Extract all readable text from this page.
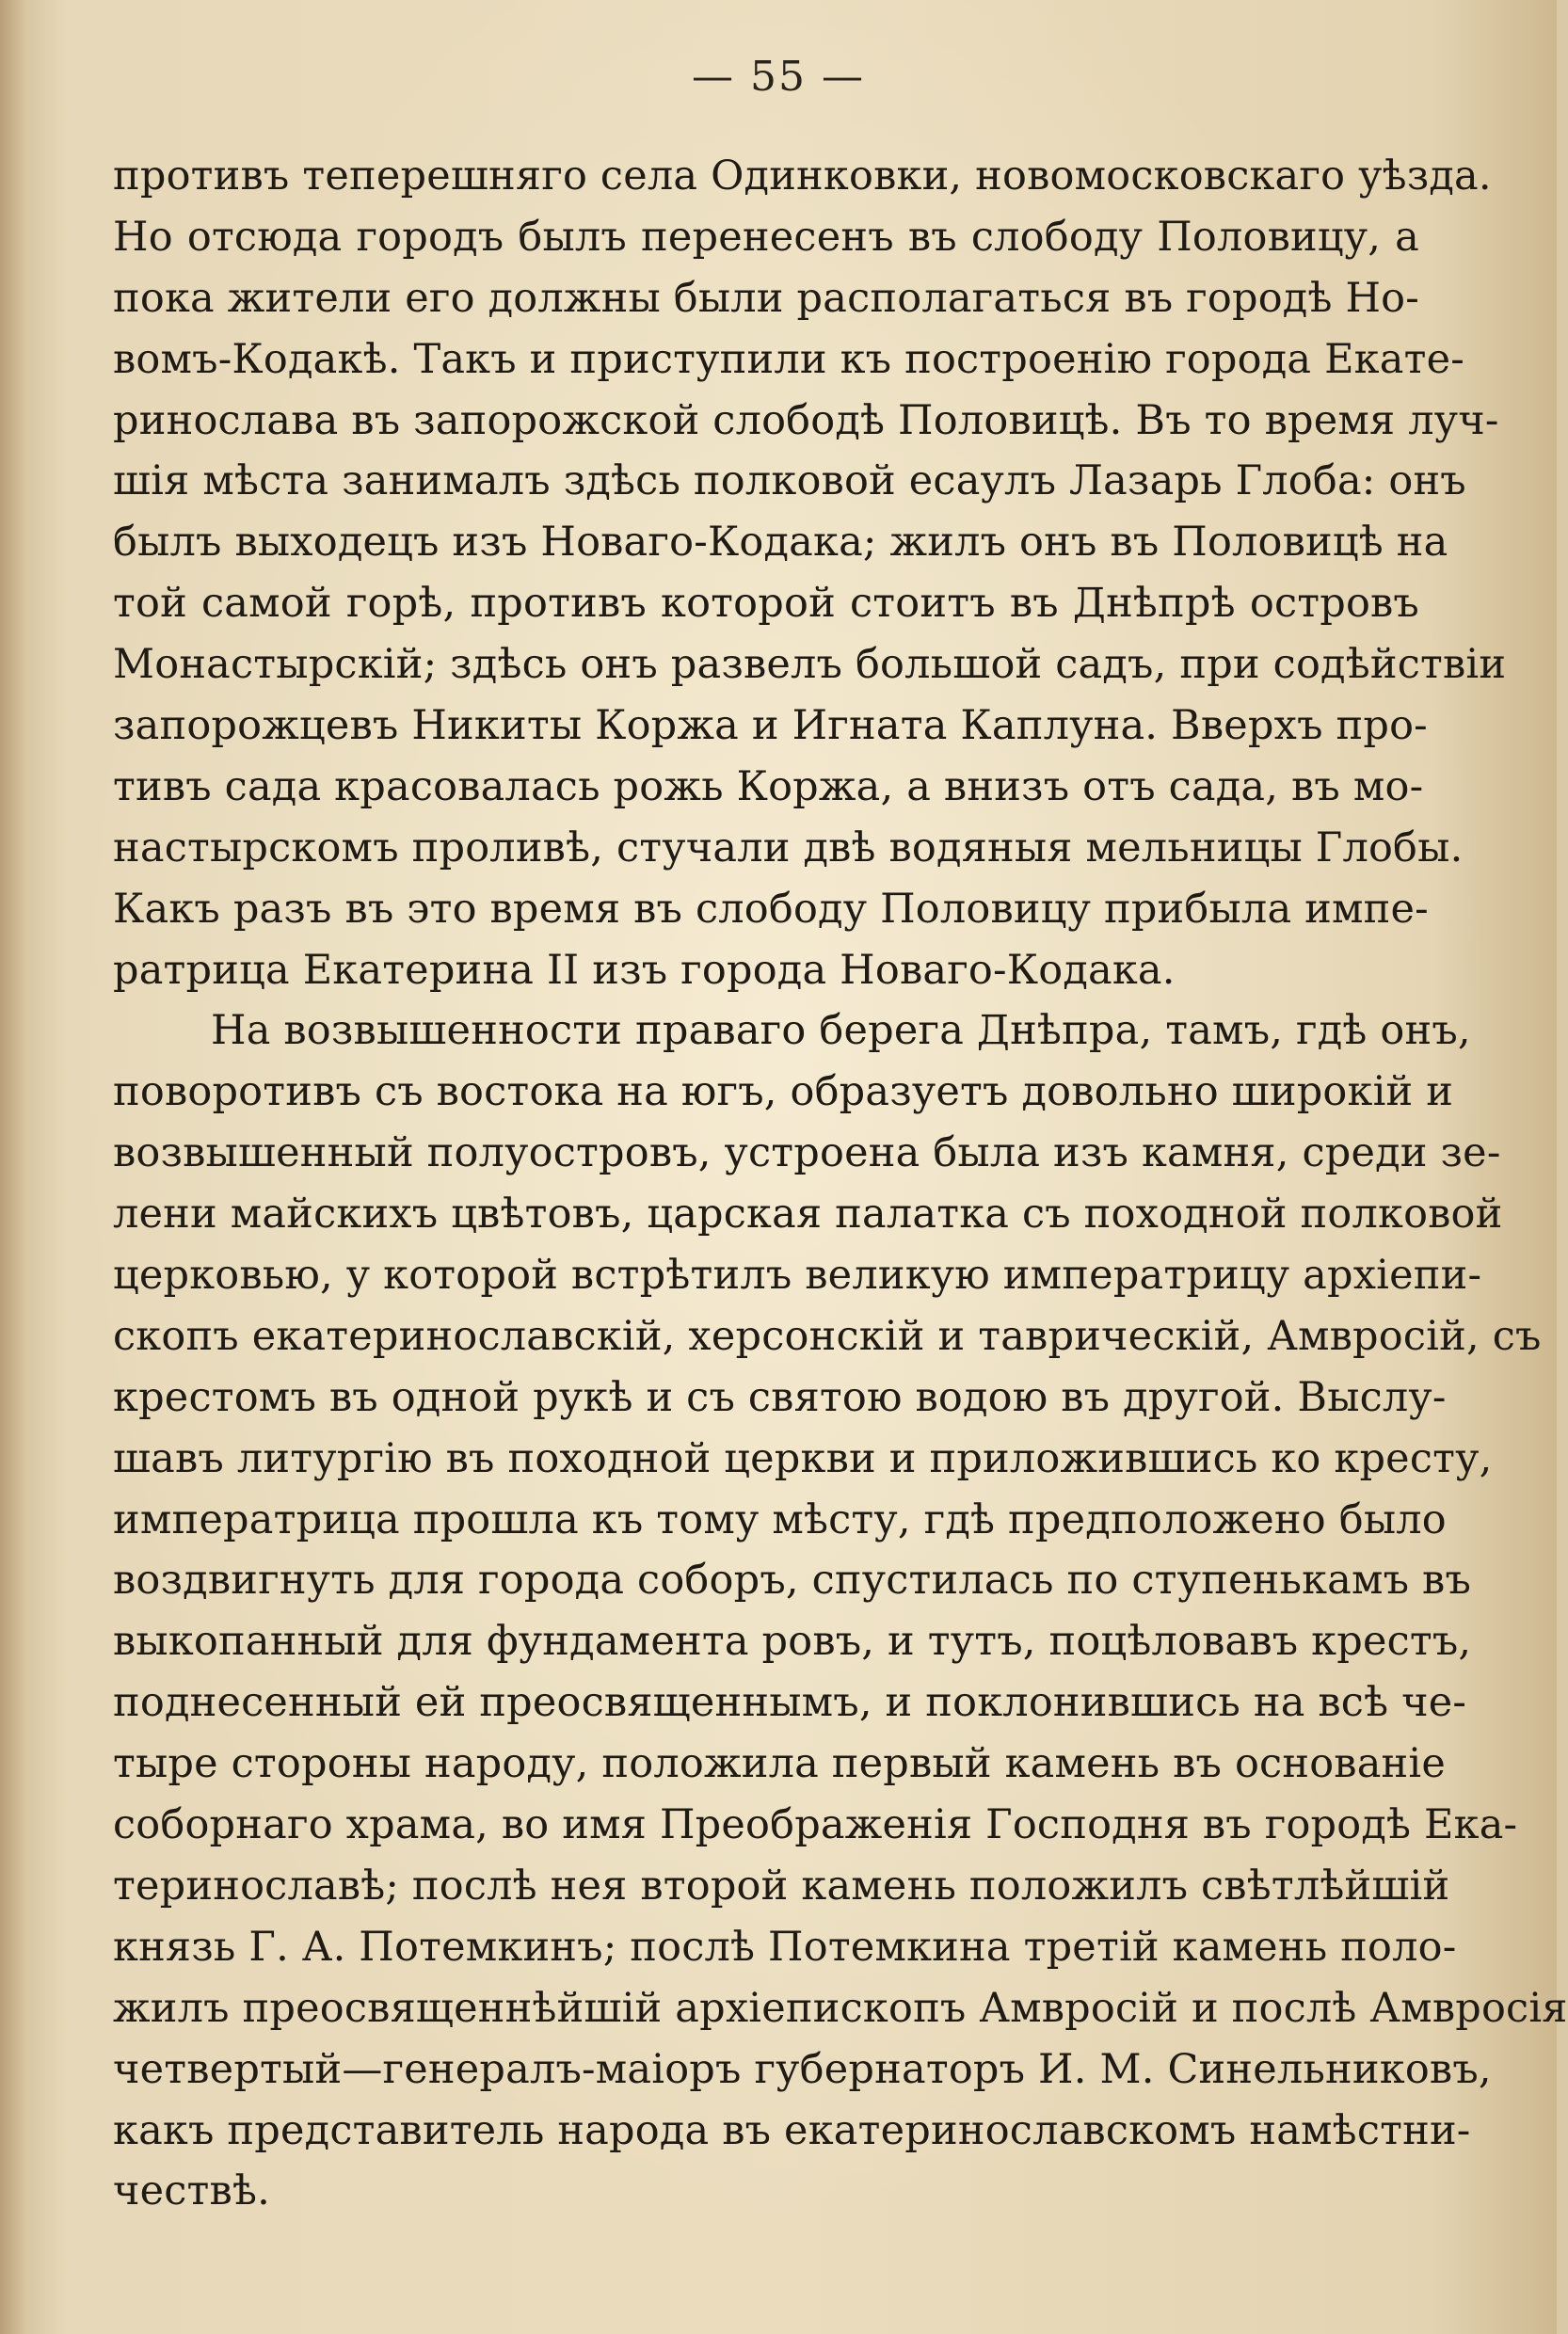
— 55 —
противъ теперешняго села Одинковки, новомосковскаго уѣзда.
Но отсюда городъ былъ перенесенъ въ слободу Половицу, а
пока жители его должны были располагаться въ городѣ Но-
вомъ-Кодакѣ. Такъ и приступили къ построенію города Екате-
ринослава въ запорожской слободѣ Половицѣ. Въ то время луч-
шія мѣста занималъ здѣсь полковой есаулъ Лазарь Глоба: онъ
былъ выходецъ изъ Новаго-Кодака; жилъ онъ въ Половицѣ на
той самой горѣ, противъ которой стоитъ въ Днѣпрѣ островъ
Монастырскій; здѣсь онъ развелъ большой садъ, при содѣйствіи
запорожцевъ Никиты Коржа и Игната Каплуна. Вверхъ про-
тивъ сада красовалась рожь Коржа, а внизъ отъ сада, въ мо-
настырскомъ проливѣ, стучали двѣ водяныя мельницы Глобы.
Какъ разъ въ это время въ слободу Половицу прибыла импе-
ратрица Екатерина II изъ города Новаго-Кодака.
На возвышенности праваго берега Днѣпра, тамъ, гдѣ онъ,
поворотивъ съ востока на югъ, образуетъ довольно широкій и
возвышенный полуостровъ, устроена была изъ камня, среди зе-
лени майскихъ цвѣтовъ, царская палатка съ походной полковой
церковью, у которой встрѣтилъ великую императрицу архіепи-
скопъ екатеринославскій, херсонскій и таврическій, Амвросій, съ
крестомъ въ одной рукѣ и съ святою водою въ другой. Выслу-
шавъ литургію въ походной церкви и приложившись ко кресту,
императрица прошла къ тому мѣсту, гдѣ предположено было
воздвигнуть для города соборъ, спустилась по ступенькамъ въ
выкопанный для фундамента ровъ, и тутъ, поцѣловавъ крестъ,
поднесенный ей преосвященнымъ, и поклонившись на всѣ че-
тыре стороны народу, положила первый камень въ основаніе
соборнаго храма, во имя Преображенія Господня въ городѣ Ека-
теринославѣ; послѣ нея второй камень положилъ свѣтлѣйшій
князь Г. А. Потемкинъ; послѣ Потемкина третій камень поло-
жилъ преосвященнѣйшій архіепископъ Амвросій и послѣ Амвросія
четвертый—генералъ-маіоръ губернаторъ И. М. Синельниковъ,
какъ представитель народа въ екатеринославскомъ намѣстни-
чествѣ.
